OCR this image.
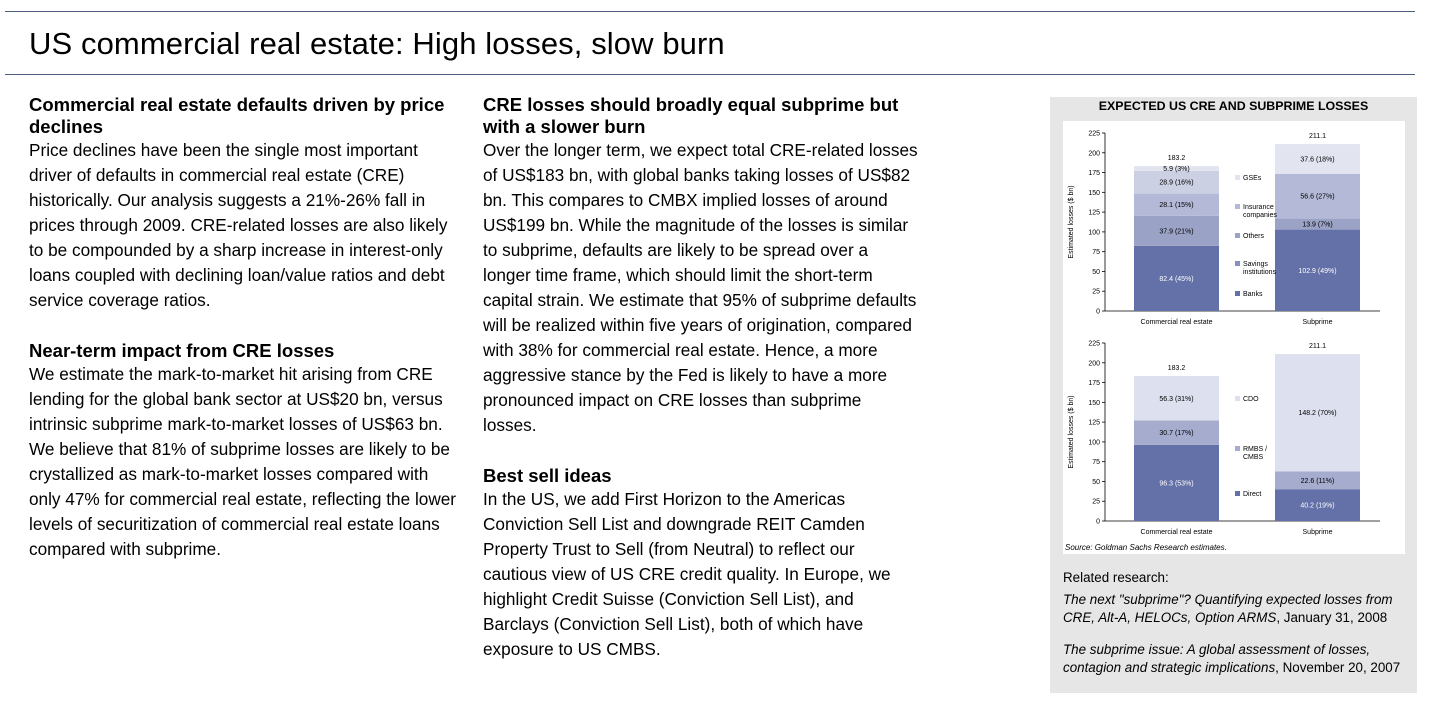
US commercial real estate: High losses, slow burn
Commercial real estate defaults driven by price declines

Price declines have been the single most important driver of defaults in commercial real estate (CRE) historically. Our analysis suggests a 21%-26% fall in prices through 2009. CRE-related losses are also likely to be compounded by a sharp increase in interest-only loans coupled with declining loan/value ratios and debt service coverage ratios.

Near-term impact from CRE losses

We estimate the mark-to-market hit arising from CRE lending for the global bank sector at US$20 bn, versus intrinsic subprime mark-to-market losses of US$63 bn. We believe that 81% of subprime losses are likely to be crystallized as mark-to-market losses compared with only 47% for commercial real estate, reflecting the lower levels of securitization of commercial real estate loans compared with subprime.

CRE losses should broadly equal subprime but with a slower burn

Over the longer term, we expect total CRE-related losses of US$183 bn, with global banks taking losses of US$82 bn. This compares to CMBX implied losses of around US$199 bn. While the magnitude of the losses is similar to subprime, defaults are likely to be spread over a longer time frame, which should limit the short-term capital strain. We estimate that 95% of subprime defaults will be realized within five years of origination, compared with 38% for commercial real estate. Hence, a more aggressive stance by the Fed is likely to have a more pronounced impact on CRE losses than subprime losses.

Best sell ideas

In the US, we add First Horizon to the Americas Conviction Sell List and downgrade REIT Camden Property Trust to Sell (from Neutral) to reflect our cautious view of US CRE credit quality. In Europe, we highlight Credit Suisse (Conviction Sell List), and Barclays (Conviction Sell List), both of which have exposure to US CMBS.

EXPECTED US CRE AND SUBPRIME LOSSES
0
25
50
75
100
125
150
175
200
225
Estimated losses ($ bn)
82.4 (45%)
37.9 (21%)
28.1 (15%)
28.9 (16%)
5.9 (3%)
183.2
Commercial real estate
102.9 (49%)
13.9 (7%)
56.6 (27%)
37.6 (18%)
211.1
Subprime
Banks
Savings
institutions
Others
Insurance
companies
GSEs
0
25
50
75
100
125
150
175
200
225
Estimated losses ($ bn)
96.3 (53%)
30.7 (17%)
56.3 (31%)
183.2
Commercial real estate
40.2 (19%)
22.6 (11%)
148.2 (70%)
211.1
Subprime
Direct
RMBS /
CMBS
CDO
Source: Goldman Sachs Research estimates.
Related research:
The next "subprime"? Quantifying expected losses from CRE, Alt-A, HELOCs, Option ARMS, January 31, 2008
The subprime issue: A global assessment of losses, contagion and strategic implications, November 20, 2007
